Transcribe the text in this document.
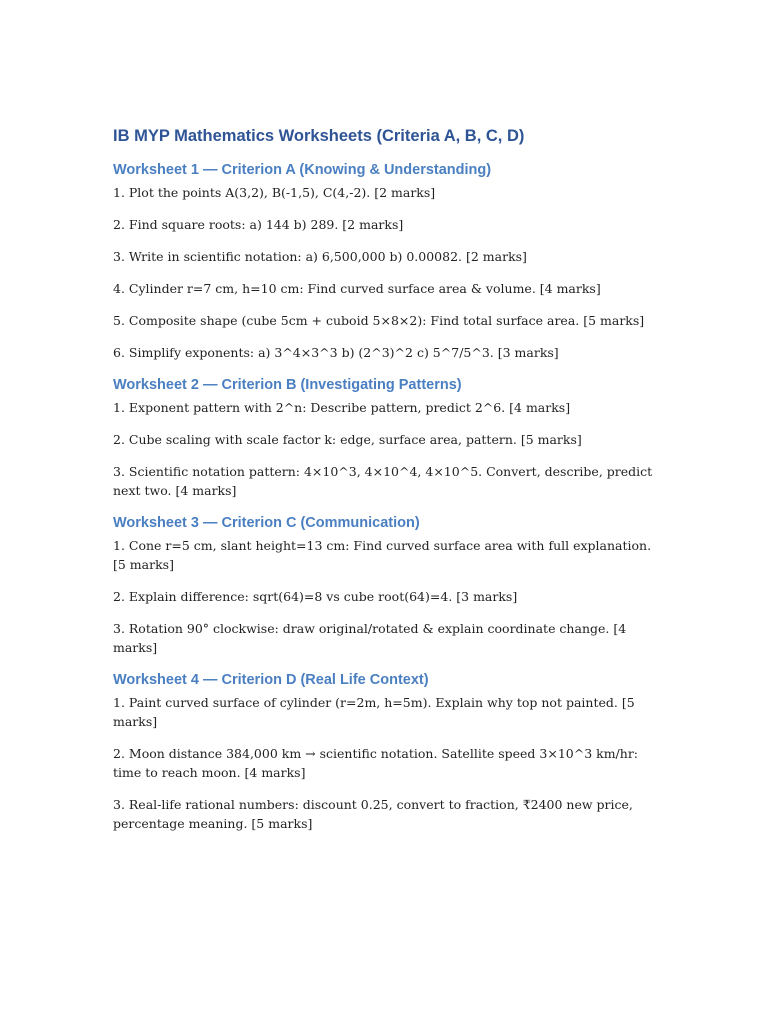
IB MYP Mathematics Worksheets (Criteria A, B, C, D)
Worksheet 1 — Criterion A (Knowing & Understanding)

1. Plot the points A(3,2), B(-1,5), C(4,-2). [2 marks]

2. Find square roots: a) 144 b) 289. [2 marks]

3. Write in scientific notation: a) 6,500,000 b) 0.00082. [2 marks]

4. Cylinder r=7 cm, h=10 cm: Find curved surface area & volume. [4 marks]

5. Composite shape (cube 5cm + cuboid 5×8×2): Find total surface area. [5 marks]

6. Simplify exponents: a) 3^4×3^3 b) (2^3)^2 c) 5^7/5^3. [3 marks]

Worksheet 2 — Criterion B (Investigating Patterns)

1. Exponent pattern with 2^n: Describe pattern, predict 2^6. [4 marks]

2. Cube scaling with scale factor k: edge, surface area, pattern. [5 marks]

3. Scientific notation pattern: 4×10^3, 4×10^4, 4×10^5. Convert, describe, predict next two. [4 marks]

Worksheet 3 — Criterion C (Communication)

1. Cone r=5 cm, slant height=13 cm: Find curved surface area with full explanation. [5 marks]

2. Explain difference: sqrt(64)=8 vs cube root(64)=4. [3 marks]

3. Rotation 90° clockwise: draw original/rotated & explain coordinate change. [4 marks]

Worksheet 4 — Criterion D (Real Life Context)

1. Paint curved surface of cylinder (r=2m, h=5m). Explain why top not painted. [5 marks]

2. Moon distance 384,000 km → scientific notation. Satellite speed 3×10^3 km/hr: time to reach moon. [4 marks]

3. Real-life rational numbers: discount 0.25, convert to fraction, ₹2400 new price, percentage meaning. [5 marks]
